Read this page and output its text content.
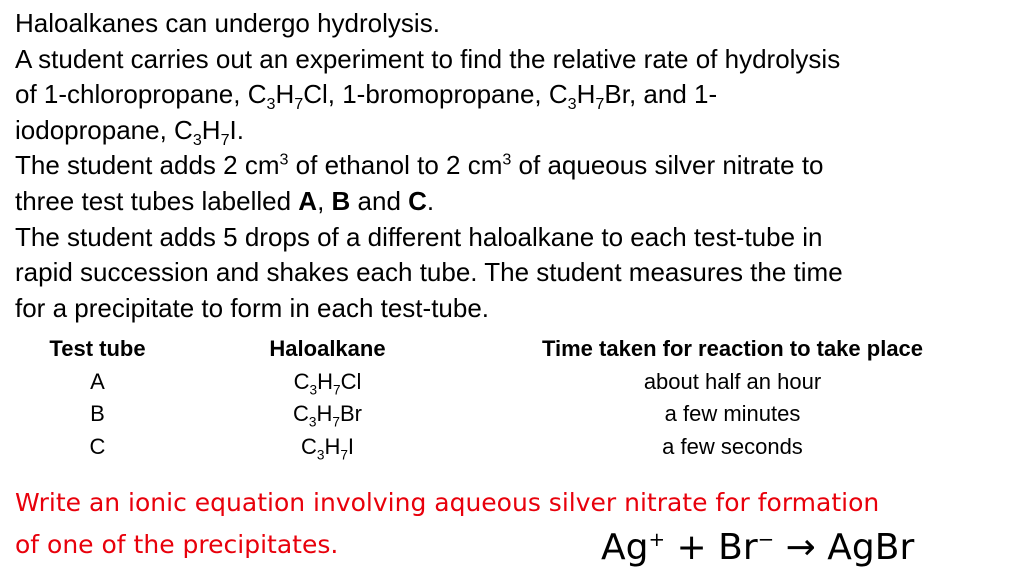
Haloalkanes can undergo hydrolysis.
A student carries out an experiment to find the relative rate of hydrolysis
of 1-chloropropane, $C_3H_7Cl$, 1-bromopropane, $C_3H_7Br$, and 1-
iodopropane, $C_3H_7I$.
The student adds 2 $cm^3$ of ethanol to 2 $cm^3$ of aqueous silver nitrate to
three test tubes labelled A, B and C.
The student adds 5 drops of a different haloalkane to each test-tube in
rapid succession and shakes each tube. The student measures the time
for a precipitate to form in each test-tube.
Test tube	Haloalkane	Time taken for reaction to take place
A	$C_3H_7Cl$	about half an hour
B	$C_3H_7Br$	a few minutes
C	$C_3H_7I$	a few seconds
Write an ionic equation involving aqueous silver nitrate for formation
of one of the precipitates.	Ag+ + Br− → AgBr
